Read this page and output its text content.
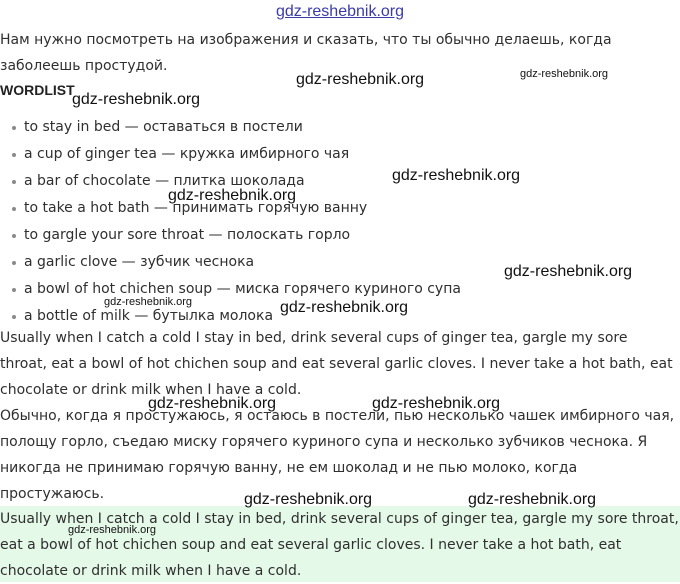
gdz-reshebnik.org

Нам нужно посмотреть на изображения и сказать, что ты обычно делаешь, когда заболеешь простудой.

WORDLIST
to stay in bed — оставаться в постели
a cup of ginger tea — кружка имбирного чая
a bar of chocolate — плитка шоколада
to take a hot bath — принимать горячую ванну
to gargle your sore throat — полоскать горло
a garlic clove — зубчик чеснока
a bowl of hot chichen soup — миска горячего куриного супа
a bottle of milk — бутылка молока

Usually when I catch a cold I stay in bed, drink several cups of ginger tea, gargle my sore throat, eat a bowl of hot chichen soup and eat several garlic cloves. I never take a hot bath, eat chocolate or drink milk when I have a cold.

Обычно, когда я простужаюсь, я остаюсь в постели, пью несколько чашек имбирного чая, полощу горло, съедаю миску горячего куриного супа и несколько зубчиков чеснока. Я никогда не принимаю горячую ванну, не ем шоколад и не пью молоко, когда простужаюсь.

Usually when I catch a cold I stay in bed, drink several cups of ginger tea, gargle my sore throat, eat a bowl of hot chichen soup and eat several garlic cloves. I never take a hot bath, eat chocolate or drink milk when I have a cold.

gdz-reshebnik.org	gdz-reshebnik.org
gdz-reshebnik.org
gdz-reshebnik.org
gdz-reshebnik.org
gdz-reshebnik.org
gdz-reshebnik.org	gdz-reshebnik.org
gdz-reshebnik.org	gdz-reshebnik.org
gdz-reshebnik.org	gdz-reshebnik.org
gdz-reshebnik.org
